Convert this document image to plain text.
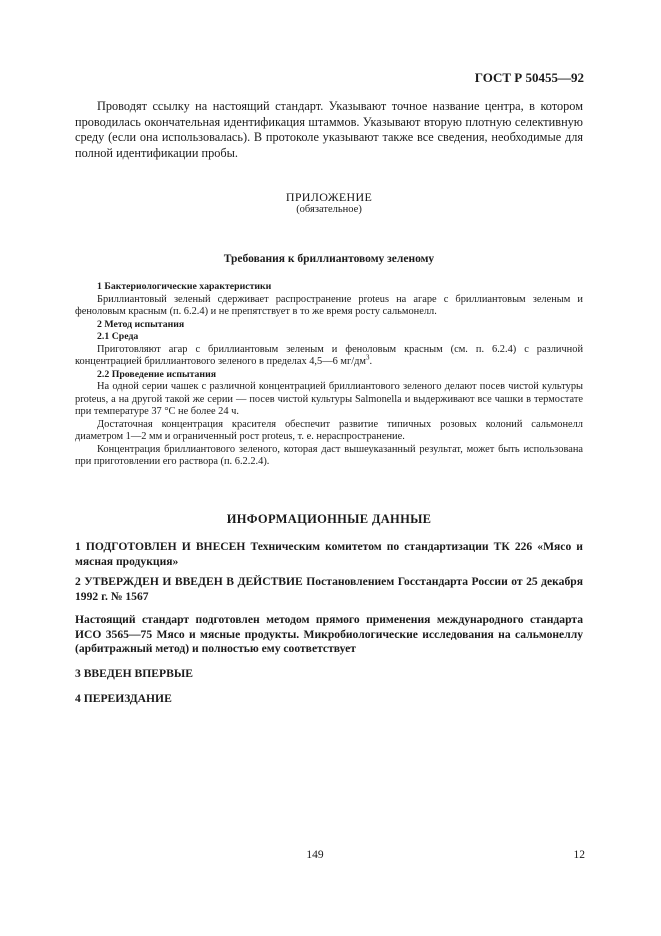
ГОСТ Р 50455—92

Проводят ссылку на настоящий стандарт. Указывают точное название центра, в котором проводилась окончательная идентификация штаммов. Указывают вторую плотную селективную среду (если она использовалась). В протоколе указывают также все сведения, необходимые для полной идентификации пробы.

ПРИЛОЖЕНИЕ
(обязательное)
Требования к бриллиантовому зеленому

1 Бактериологические характеристики

Бриллиантовый зеленый сдерживает распространение proteus на агаре с бриллиантовым зеленым и феноловым красным (п. 6.2.4) и не препятствует в то же время росту сальмонелл.

2 Метод испытания

2.1 Среда

Приготовляют агар с бриллиантовым зеленым и феноловым красным (см. п. 6.2.4) с различной концентрацией бриллиантового зеленого в пределах 4,5—6 $мг/дм^3$.

2.2 Проведение испытания

На одной серии чашек с различной концентрацией бриллиантового зеленого делают посев чистой культуры proteus, а на другой такой же серии — посев чистой культуры Salmonella и выдерживают все чашки в термостате при температуре 37 °С не более 24 ч.

Достаточная концентрация красителя обеспечит развитие типичных розовых колоний сальмонелл диаметром 1—2 мм и ограниченный рост proteus, т. е. нераспространение.

Концентрация бриллиантового зеленого, которая даст вышеуказанный результат, может быть использована при приготовлении его раствора (п. 6.2.2.4).

ИНФОРМАЦИОННЫЕ ДАННЫЕ

1 ПОДГОТОВЛЕН И ВНЕСЕН Техническим комитетом по стандартизации ТК 226 «Мясо и мясная продукция»

2 УТВЕРЖДЕН И ВВЕДЕН В ДЕЙСТВИЕ Постановлением Госстандарта России от 25 декабря 1992 г. № 1567

Настоящий стандарт подготовлен методом прямого применения международного стандарта ИСО 3565—75 Мясо и мясные продукты. Микробиологические исследования на сальмонеллу (арбитражный метод) и полностью ему соответствует

3 ВВЕДЕН ВПЕРВЫЕ

4 ПЕРЕИЗДАНИЕ

149	12
